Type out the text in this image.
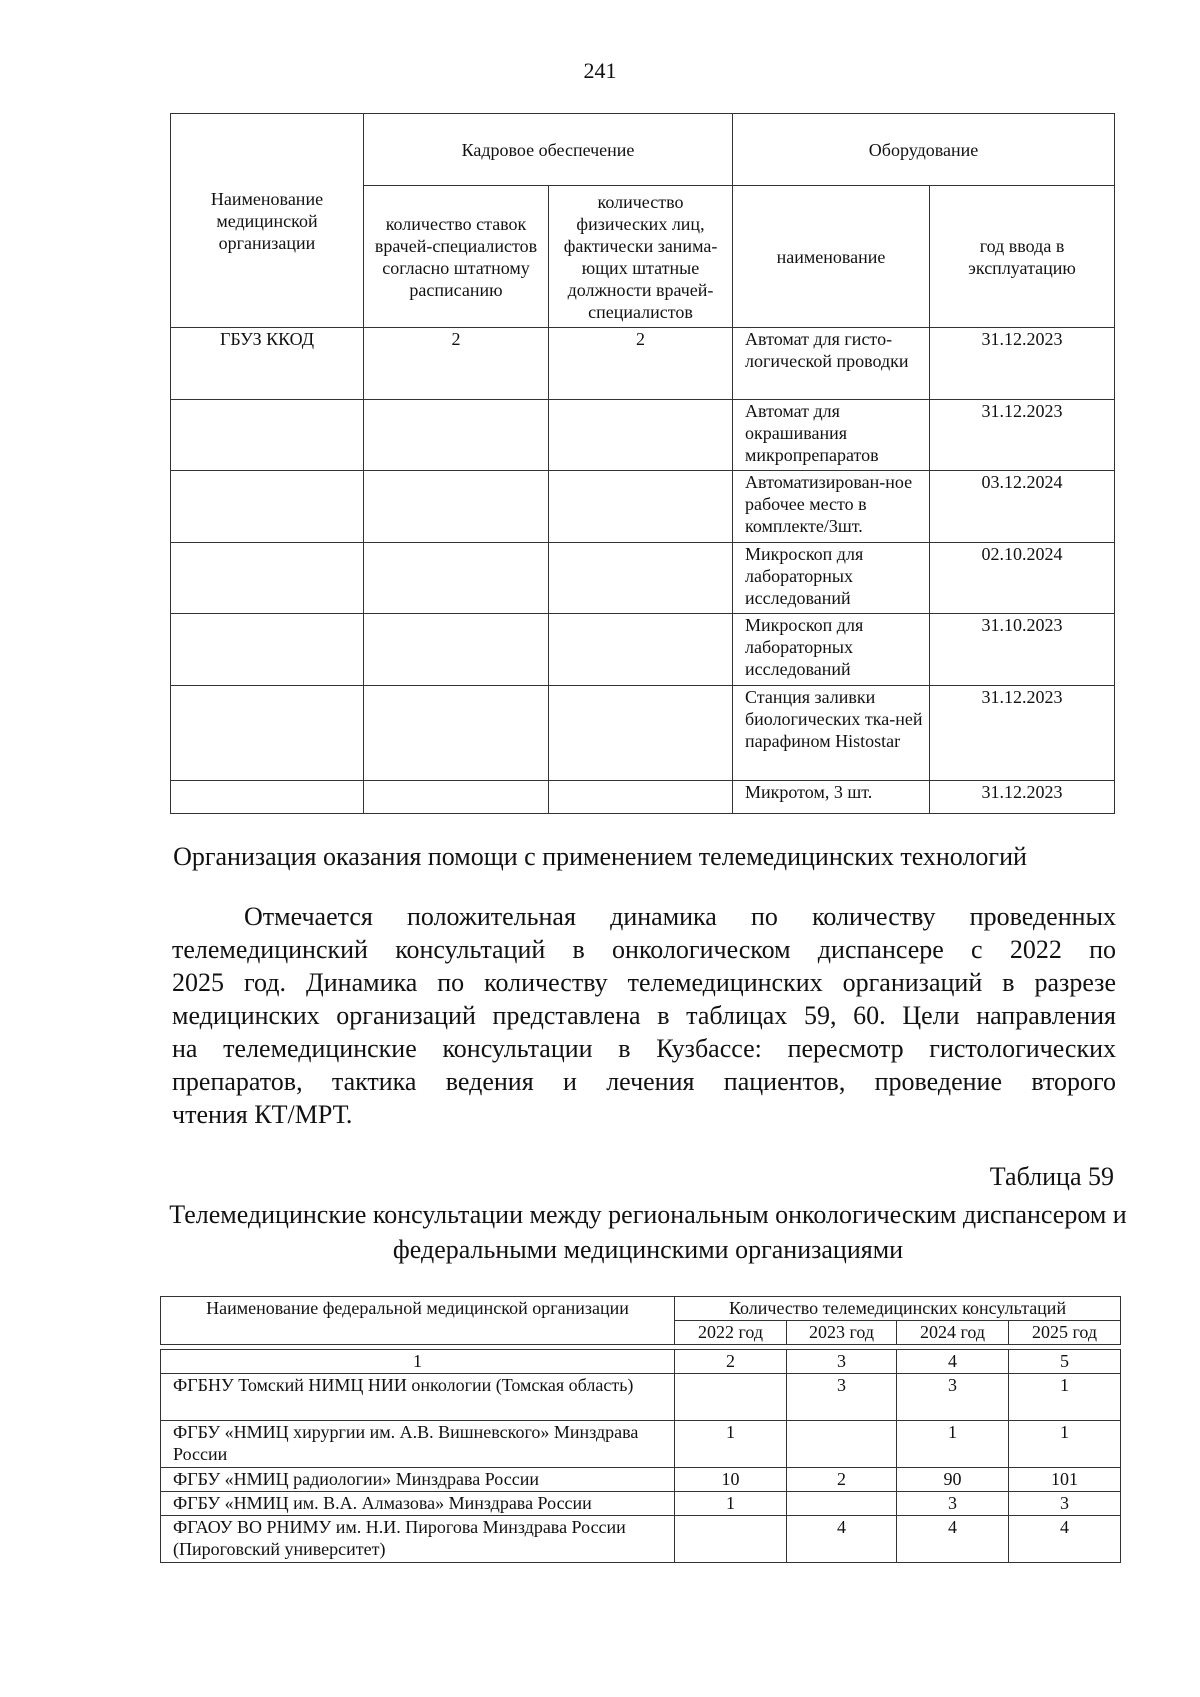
241
Наименование медицинской организации	Кадровое обеспечение		Оборудование	
	количество ставок врачей-специалистов согласно штатному расписанию	количество физических лиц, фактически занима-ющих штатные должности врачей-специалистов	наименование	год ввода в эксплуатацию
ГБУЗ ККОД	2	2	Автомат для гисто-логической проводки	31.12.2023
			Автомат для окрашивания микропрепаратов	31.12.2023
			Автоматизирован-ное рабочее место в комплекте/3шт.	03.12.2024
			Микроскоп для лабораторных исследований	02.10.2024
			Микроскоп для лабораторных исследований	31.10.2023
			Станция заливки биологических тка-ней парафином Histostar	31.12.2023
			Микротом, 3 шт.	31.12.2023
Организация оказания помощи с применением телемедицинских технологий
Отмечается положительная динамика по количеству проведенных
телемедицинский консультаций в онкологическом диспансере с 2022 по
2025 год. Динамика по количеству телемедицинских организаций в разрезе
медицинских организаций представлена в таблицах 59, 60. Цели направления
на телемедицинские консультации в Кузбассе: пересмотр гистологических
препаратов, тактика ведения и лечения пациентов, проведение второго
чтения КТ/МРТ.
Таблица 59
Телемедицинские консультации между региональным онкологическим диспансером и федеральными медицинскими организациями
Наименование федеральной медицинской организации	Количество телемедицинских консультаций			
	2022 год	2023 год	2024 год	2025 год
1	2	3	4	5
ФГБНУ Томский НИМЦ НИИ онкологии (Томская область)		3	3	1
ФГБУ «НМИЦ хирургии им. А.В. Вишневского» Минздрава России	1		1	1
ФГБУ «НМИЦ радиологии» Минздрава России	10	2	90	101
ФГБУ «НМИЦ им. В.А. Алмазова» Минздрава России	1		3	3
ФГАОУ ВО РНИМУ им. Н.И. Пирогова Минздрава России (Пироговский университет)		4	4	4
